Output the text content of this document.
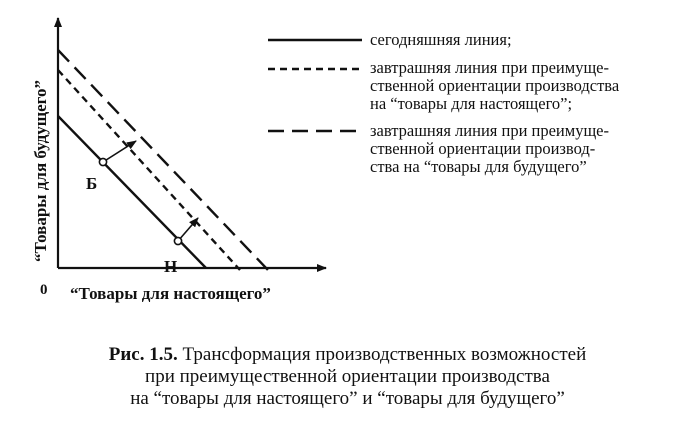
Б
Н
“Товары для будущего”
“Товары для настоящего”
0
сегодняшняя линия;
завтрашняя линия при преимуще- ственной ориентации производства на “товары для настоящего”;
завтрашняя линия при преимуще- ственной ориентации производ- ства на “товары для будущего”
Рис. 1.5. Трансформация производственных возможностей
при преимущественной ориентации производства
на “товары для настоящего” и “товары для будущего”
